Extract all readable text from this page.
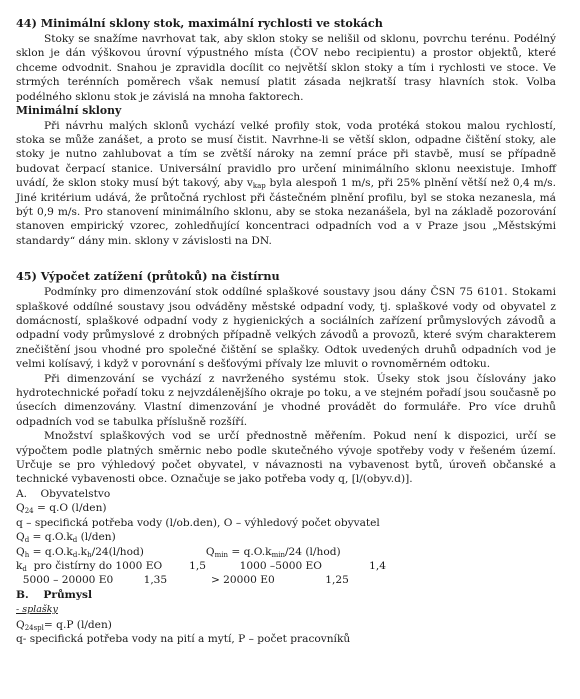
44) Minimální sklony stok, maximální rychlosti ve stokách

Stoky se snažíme navrhovat tak, aby sklon stoky se nelišil od sklonu, povrchu terénu. Podélný sklon je dán výškovou úrovní výpustného místa (ČOV nebo recipientu) a prostor objektů, které chceme odvodnit. Snahou je zpravidla docílit co největší sklon stoky a tím i rychlosti ve stoce. Ve strmých terénních poměrech však nemusí platit zásada nejkratší trasy hlavních stok. Volba podélného sklonu stok je závislá na mnoha faktorech.

Minimální sklony

Při návrhu malých sklonů vychází velké profily stok, voda protéká stokou malou rychlostí, stoka se může zanášet, a proto se musí čistit. Navrhne-li se větší sklon, odpadne čištění stoky, ale stoky je nutno zahlubovat a tím se zvětší nároky na zemní práce při stavbě, musí se případně budovat čerpací stanice. Universální pravidlo pro určení minimálního sklonu neexistuje. Imhoff uvádí, že sklon stoky musí být takový, aby $v_{kap}$ byla alespoň 1 m/s, při 25% plnění větší než 0,4 m/s. Jiné kritérium udává, že průtočná rychlost při částečném plnění profilu, byl se stoka nezanesla, má být 0,9 m/s. Pro stanovení minimálního sklonu, aby se stoka nezanášela, byl na základě pozorování stanoven empirický vzorec, zohledňující koncentraci odpadních vod a v Praze jsou „Městskými standardy“ dány min. sklony v závislosti na DN.

45) Výpočet zatížení (průtoků) na čistírnu

Podmínky pro dimenzování stok oddílné splaškové soustavy jsou dány ČSN 75 6101. Stokami splaškové oddílné soustavy jsou odváděny městské odpadní vody, tj. splaškové vody od obyvatel z domácností, splaškové odpadní vody z hygienických a sociálních zařízení průmyslových závodů a odpadní vody průmyslové z drobných případně velkých závodů a provozů, které svým charakterem znečištění jsou vhodné pro společné čištění se splašky. Odtok uvedených druhů odpadních vod je velmi kolísavý, i když v porovnání s dešťovými přívaly lze mluvit o rovnoměrném odtoku.

Při dimenzování se vychází z navrženého systému stok. Úseky stok jsou číslovány jako hydrotechnické pořadí toku z nejvzdálenějšího okraje po toku, a ve stejném pořadí jsou současně po úsecích dimenzovány. Vlastní dimenzování je vhodné provádět do formuláře. Pro více druhů odpadních vod se tabulka příslušně rozšíří.

Množství splaškových vod se určí přednostně měřením. Pokud není k dispozici, určí se výpočtem podle platných směrnic nebo podle skutečného vývoje spotřeby vody v řešeném území. Určuje se pro výhledový počet obyvatel, v návaznosti na vybavenost bytů, úroveň občanské a technické vybavenosti obce. Označuje se jako potřeba vody q, [l/(obyv.d)].

A.    Obyvatelstvo
$Q_{24} = q.O$ (l/den)
q – specifická potřeba vody (l/ob.den), O – výhledový počet obyvatel
$Q_d = q.O.k_d$ (l/den)
$Q_h = q.O.k_d.k_h/24(l/hod)$	$Q_{min} = q.O.k_{min}/24$ (l/hod)
$k_d$  pro čistírny do 1000 EO        1,5          1000 –5000 EO              1,4
5000 – 20000 E0         1,35             > 20000 E0               1,25
B.    Průmysl
- splašky
$Q_{24spl}= q.P$ (l/den)
q- specifická potřeba vody na pití a mytí, P – počet pracovníků
